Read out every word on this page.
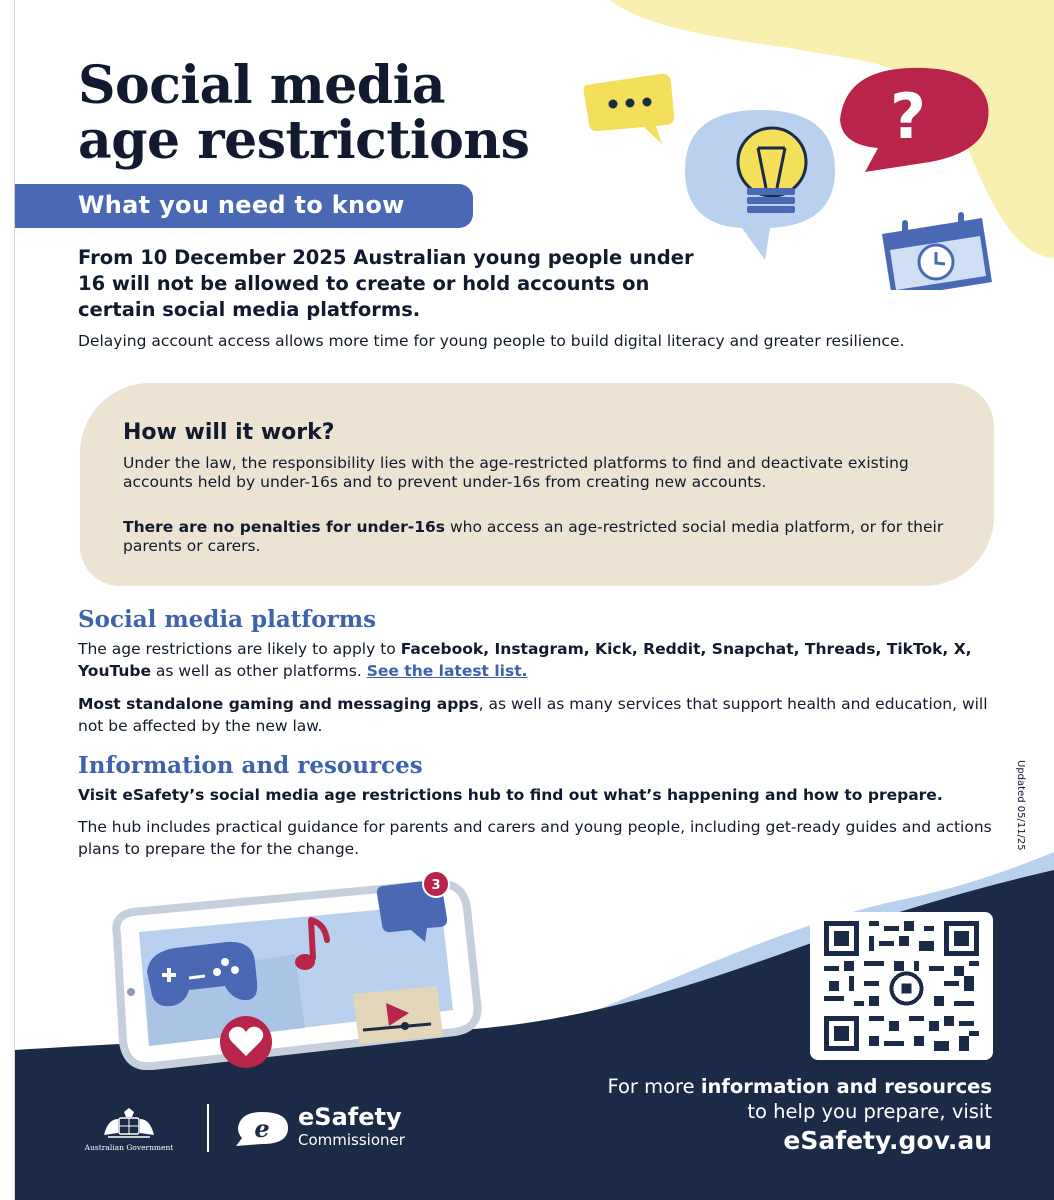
?
3
Social media
age restrictions
What you need to know

From 10 December 2025 Australian young people under 16 will not be allowed to create or hold accounts on certain social media platforms.

Delaying account access allows more time for young people to build digital literacy and greater resilience.

How will it work?

Under the law, the responsibility lies with the age-restricted platforms to find and deactivate existing accounts held by under-16s and to prevent under-16s from creating new accounts.

There are no penalties for under-16s who access an age-restricted social media platform, or for their parents or carers.

Social media platforms

The age restrictions are likely to apply to Facebook, Instagram, Kick, Reddit, Snapchat, Threads, TikTok, X, YouTube as well as other platforms. See the latest list.

Most standalone gaming and messaging apps, as well as many services that support health and education, will not be affected by the new law.

Information and resources

Visit eSafety’s social media age restrictions hub to find out what’s happening and how to prepare.

The hub includes practical guidance for parents and carers and young people, including get-ready guides and actions plans to prepare the for the change.	Updated 05/11/25
For more information and resources
to help you prepare, visit
eSafety.gov.au
Australian Government
e eSafety
Commissioner
